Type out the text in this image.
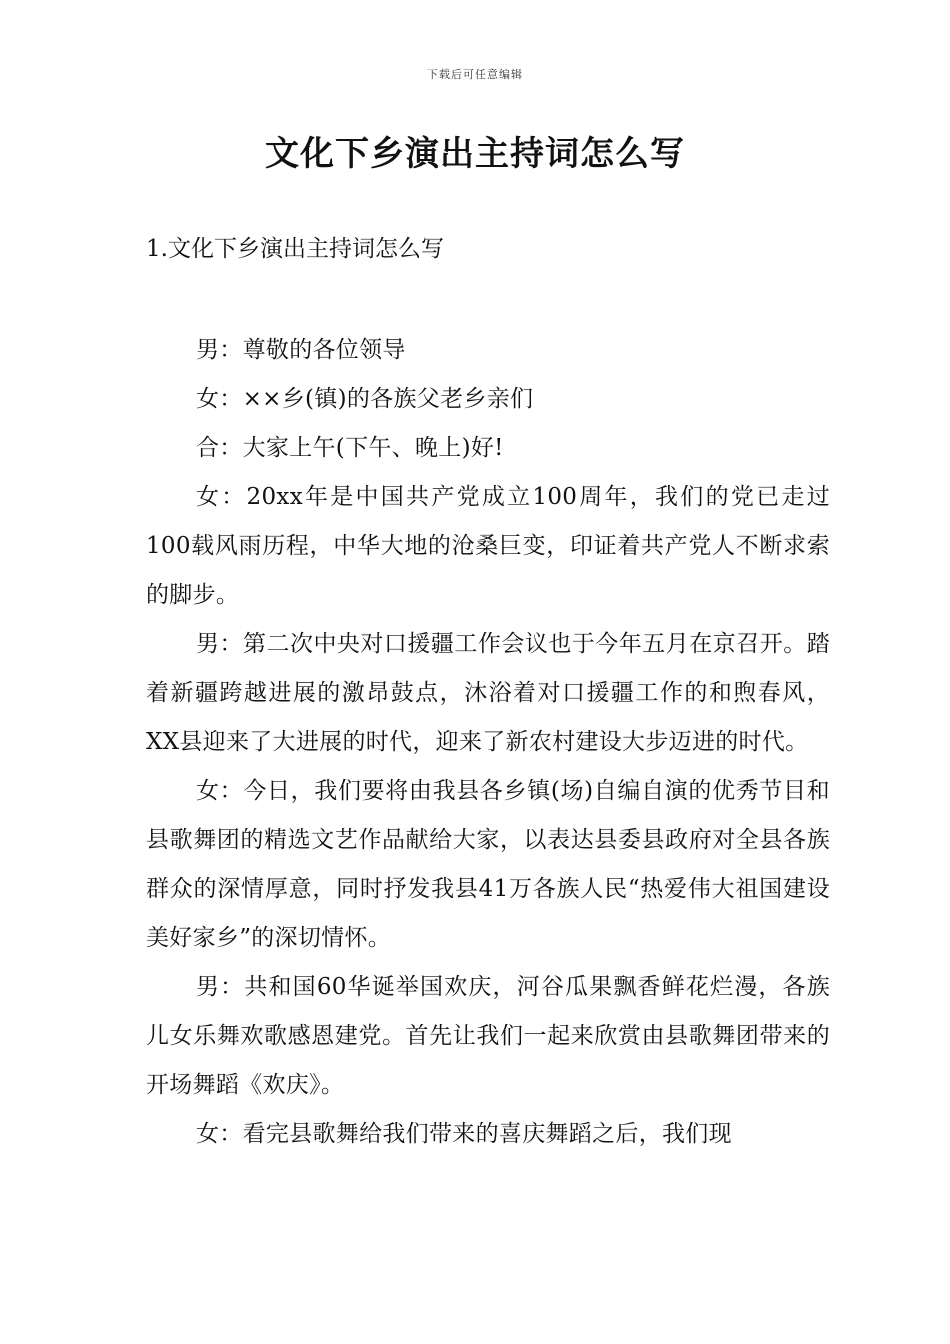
下载后可任意编辑
文化下乡演出主持词怎么写
1.文化下乡演出主持词怎么写

男：尊敬的各位领导

女：××乡(镇)的各族父老乡亲们

合：大家上午(下午、晚上)好!

女：20xx年是中国共产党成立100周年，我们的党已走过100载风雨历程，中华大地的沧桑巨变，印证着共产党人不断求索的脚步。

男：第二次中央对口援疆工作会议也于今年五月在京召开。踏着新疆跨越进展的激昂鼓点，沐浴着对口援疆工作的和煦春风，XX县迎来了大进展的时代，迎来了新农村建设大步迈进的时代。

女：今日，我们要将由我县各乡镇(场)自编自演的优秀节目和县歌舞团的精选文艺作品献给大家，以表达县委县政府对全县各族群众的深情厚意，同时抒发我县41万各族人民“热爱伟大祖国建设美好家乡”的深切情怀。

男：共和国60华诞举国欢庆，河谷瓜果飘香鲜花烂漫，各族儿女乐舞欢歌感恩建党。首先让我们一起来欣赏由县歌舞团带来的开场舞蹈《欢庆》。

女：看完县歌舞给我们带来的喜庆舞蹈之后，我们现
